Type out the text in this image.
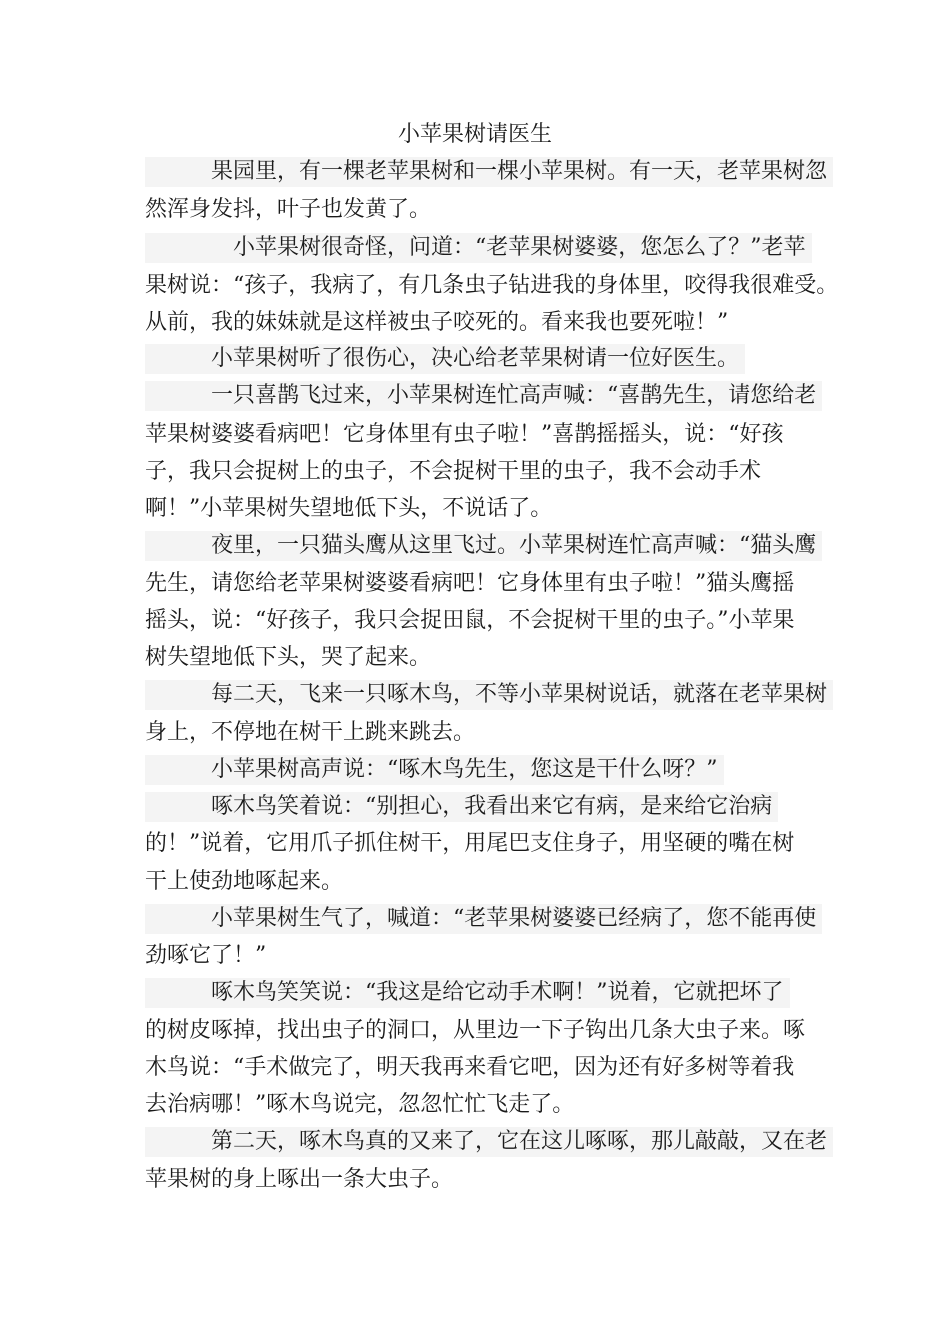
小苹果树请医生
　　　果园里，有一棵老苹果树和一棵小苹果树。有一天，老苹果树忽
然浑身发抖，叶子也发黄了。
　　　　小苹果树很奇怪，问道：“老苹果树婆婆，您怎么了？”老苹
果树说：“孩子，我病了，有几条虫子钻进我的身体里，咬得我很难受。
从前，我的妹妹就是这样被虫子咬死的。看来我也要死啦！”
　　　小苹果树听了很伤心，决心给老苹果树请一位好医生。
　　　一只喜鹊飞过来，小苹果树连忙高声喊：“喜鹊先生，请您给老
苹果树婆婆看病吧！它身体里有虫子啦！”喜鹊摇摇头，说：“好孩
子，我只会捉树上的虫子，不会捉树干里的虫子，我不会动手术
啊！”小苹果树失望地低下头，不说话了。
　　　夜里，一只猫头鹰从这里飞过。小苹果树连忙高声喊：“猫头鹰
先生，请您给老苹果树婆婆看病吧！它身体里有虫子啦！”猫头鹰摇
摇头，说：“好孩子，我只会捉田鼠，不会捉树干里的虫子。”小苹果
树失望地低下头，哭了起来。
　　　每二天，飞来一只啄木鸟，不等小苹果树说话，就落在老苹果树
身上，不停地在树干上跳来跳去。
　　　小苹果树高声说：“啄木鸟先生，您这是干什么呀？”
　　　啄木鸟笑着说：“别担心，我看出来它有病，是来给它治病
的！”说着，它用爪子抓住树干，用尾巴支住身子，用坚硬的嘴在树
干上使劲地啄起来。
　　　小苹果树生气了，喊道：“老苹果树婆婆已经病了，您不能再使
劲啄它了！”
　　　啄木鸟笑笑说：“我这是给它动手术啊！”说着，它就把坏了
的树皮啄掉，找出虫子的洞口，从里边一下子钩出几条大虫子来。啄
木鸟说：“手术做完了，明天我再来看它吧，因为还有好多树等着我
去治病哪！”啄木鸟说完，忽忽忙忙飞走了。
　　　第二天，啄木鸟真的又来了，它在这儿啄啄，那儿敲敲，又在老
苹果树的身上啄出一条大虫子。
